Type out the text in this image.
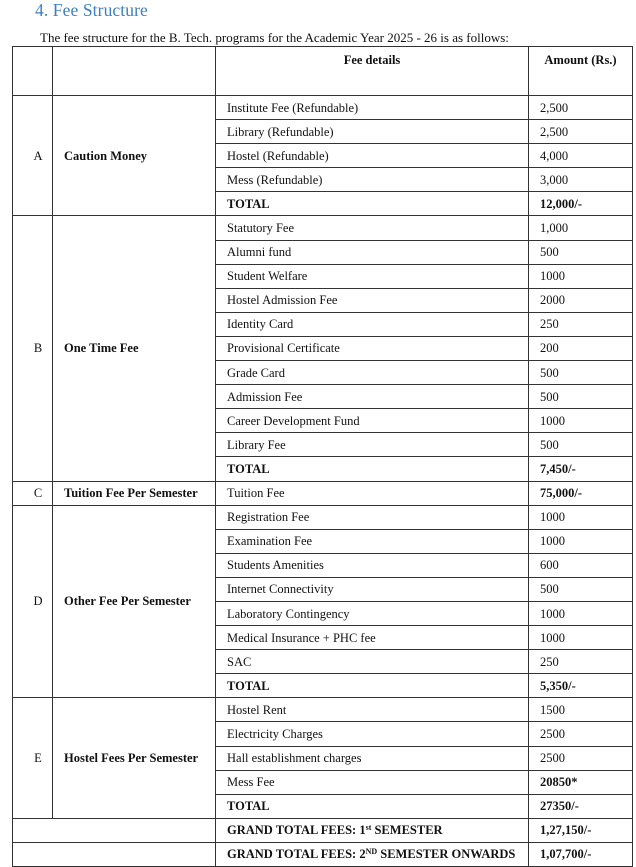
4. Fee Structure
The fee structure for the B. Tech. programs for the Academic Year 2025 - 26 is as follows:
		Fee details	Amount (Rs.)
A	Caution Money	Institute Fee (Refundable)	2,500
		Library (Refundable)	2,500
		Hostel (Refundable)	4,000
		Mess (Refundable)	3,000
		TOTAL	12,000/-
B	One Time Fee	Statutory Fee	1,000
		Alumni fund	500
		Student Welfare	1000
		Hostel Admission Fee	2000
		Identity Card	250
		Provisional Certificate	200
		Grade Card	500
		Admission Fee	500
		Career Development Fund	1000
		Library Fee	500
		TOTAL	7,450/-
C	Tuition Fee Per Semester	Tuition Fee	75,000/-
D	Other Fee Per Semester	Registration Fee	1000
		Examination Fee	1000
		Students Amenities	600
		Internet Connectivity	500
		Laboratory Contingency	1000
		Medical Insurance + PHC fee	1000
		SAC	250
		TOTAL	5,350/-
E	Hostel Fees Per Semester	Hostel Rent	1500
		Electricity Charges	2500
		Hall establishment charges	2500
		Mess Fee	20850*
		TOTAL	27350/-
		GRAND TOTAL FEES: 1st SEMESTER	1,27,150/-
		GRAND TOTAL FEES: 2ND SEMESTER ONWARDS	1,07,700/-
